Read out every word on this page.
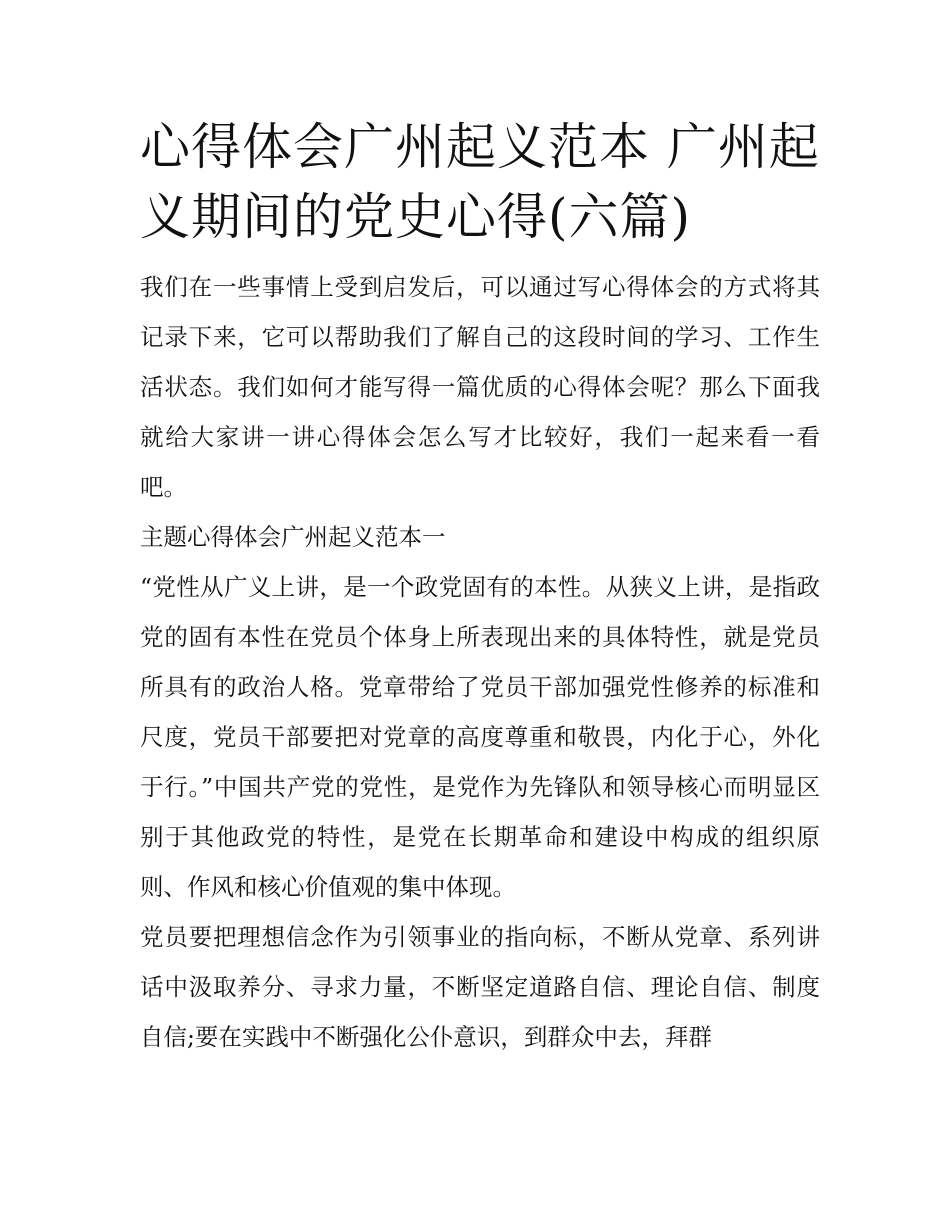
心得体会广州起义范本 广州起义期间的党史心得(六篇)

我们在一些事情上受到启发后，可以通过写心得体会的方式将其记录下来，它可以帮助我们了解自己的这段时间的学习、工作生活状态。我们如何才能写得一篇优质的心得体会呢？那么下面我就给大家讲一讲心得体会怎么写才比较好，我们一起来看一看吧。

主题心得体会广州起义范本一

“党性从广义上讲，是一个政党固有的本性。从狭义上讲，是指政党的固有本性在党员个体身上所表现出来的具体特性，就是党员所具有的政治人格。党章带给了党员干部加强党性修养的标准和尺度，党员干部要把对党章的高度尊重和敬畏，内化于心，外化于行。”中国共产党的党性，是党作为先锋队和领导核心而明显区别于其他政党的特性，是党在长期革命和建设中构成的组织原则、作风和核心价值观的集中体现。

党员要把理想信念作为引领事业的指向标，不断从党章、系列讲话中汲取养分、寻求力量，不断坚定道路自信、理论自信、制度自信;要在实践中不断强化公仆意识，到群众中去，拜群
